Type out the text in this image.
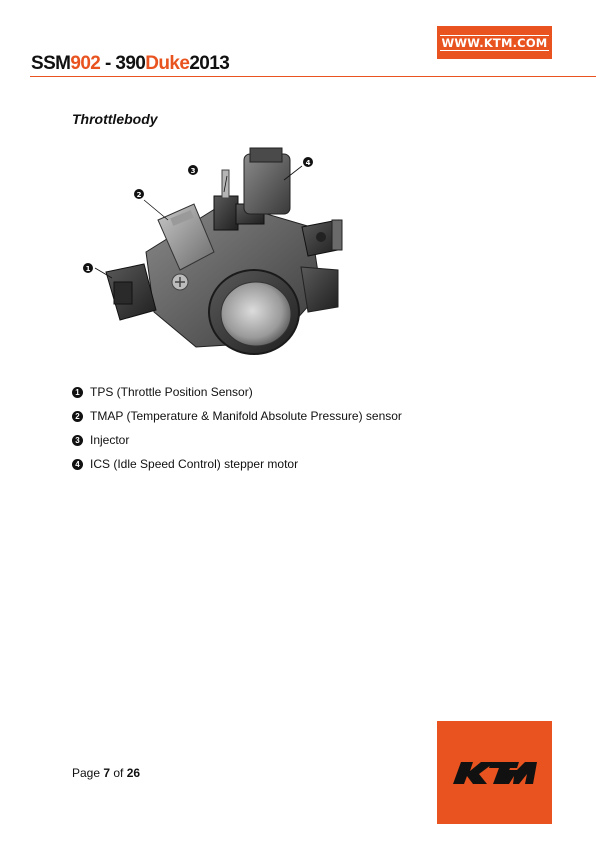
WWW.KTM.COM
SSM902 - 390Duke2013
Throttlebody
1
2
3
4
1 TPS (Throttle Position Sensor)
2 TMAP (Temperature & Manifold Absolute Pressure) sensor
3 Injector
4 ICS (Idle Speed Control) stepper motor
Page 7 of 26
